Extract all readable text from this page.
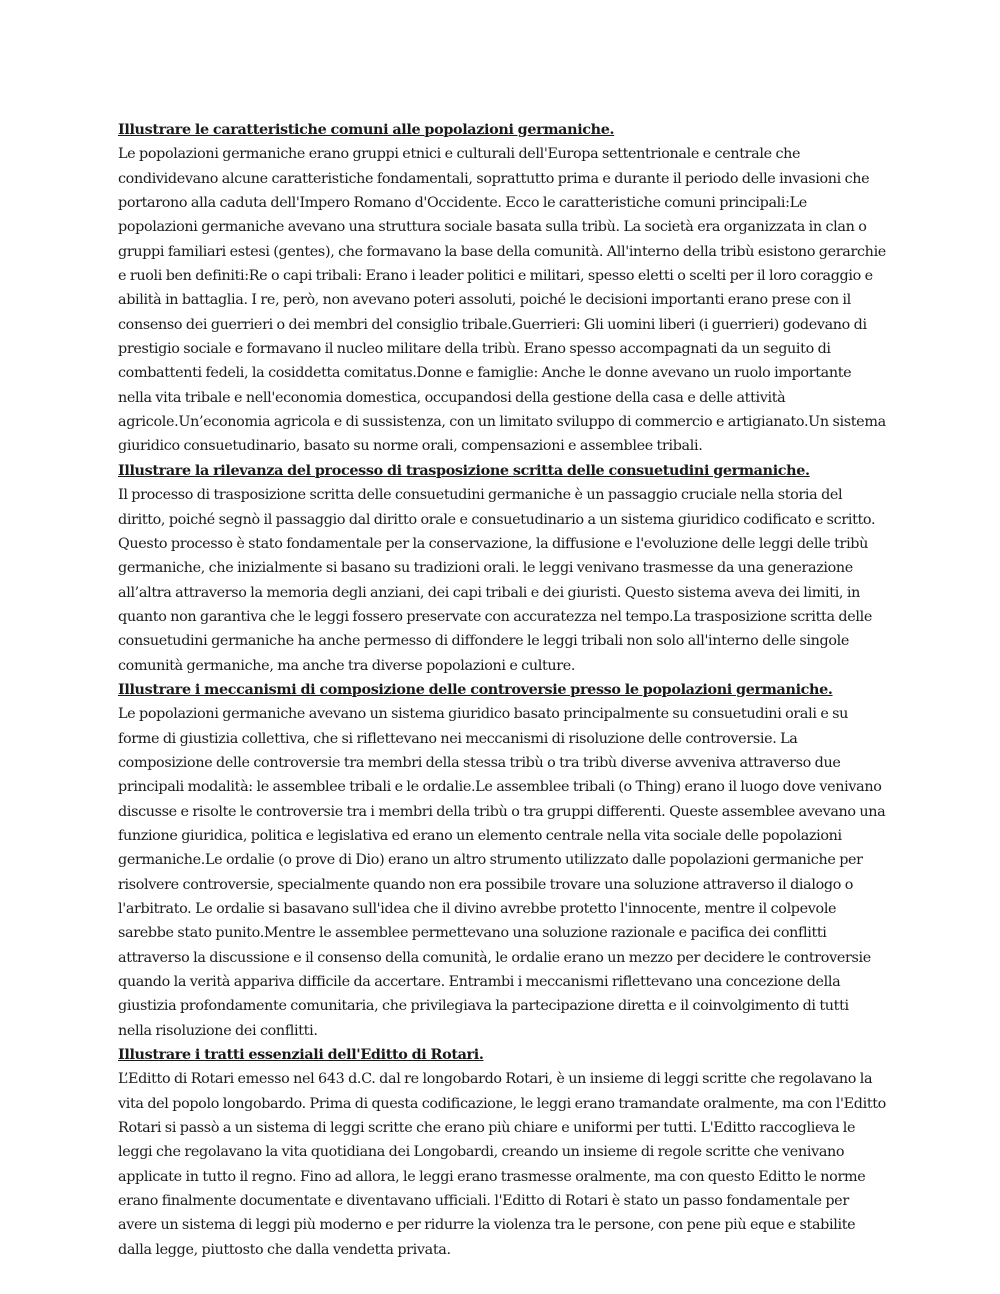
Illustrare le caratteristiche comuni alle popolazioni germaniche.

Le popolazioni germaniche erano gruppi etnici e culturali dell'Europa settentrionale e centrale che condividevano alcune caratteristiche fondamentali, soprattutto prima e durante il periodo delle invasioni che portarono alla caduta dell'Impero Romano d'Occidente. Ecco le caratteristiche comuni principali:Le popolazioni germaniche avevano una struttura sociale basata sulla tribù. La società era organizzata in clan o gruppi familiari estesi (gentes), che formavano la base della comunità. All'interno della tribù esistono gerarchie e ruoli ben definiti:Re o capi tribali: Erano i leader politici e militari, spesso eletti o scelti per il loro coraggio e abilità in battaglia. I re, però, non avevano poteri assoluti, poiché le decisioni importanti erano prese con il consenso dei guerrieri o dei membri del consiglio tribale.Guerrieri: Gli uomini liberi (i guerrieri) godevano di prestigio sociale e formavano il nucleo militare della tribù. Erano spesso accompagnati da un seguito di combattenti fedeli, la cosiddetta comitatus.Donne e famiglie: Anche le donne avevano un ruolo importante nella vita tribale e nell'economia domestica, occupandosi della gestione della casa e delle attività agricole.Un’economia agricola e di sussistenza, con un limitato sviluppo di commercio e artigianato.Un sistema giuridico consuetudinario, basato su norme orali, compensazioni e assemblee tribali.

Illustrare la rilevanza del processo di trasposizione scritta delle consuetudini germaniche.

Il processo di trasposizione scritta delle consuetudini germaniche è un passaggio cruciale nella storia del diritto, poiché segnò il passaggio dal diritto orale e consuetudinario a un sistema giuridico codificato e scritto. Questo processo è stato fondamentale per la conservazione, la diffusione e l'evoluzione delle leggi delle tribù germaniche, che inizialmente si basano su tradizioni orali. le leggi venivano trasmesse da una generazione all’altra attraverso la memoria degli anziani, dei capi tribali e dei giuristi. Questo sistema aveva dei limiti, in quanto non garantiva che le leggi fossero preservate con accuratezza nel tempo.La trasposizione scritta delle consuetudini germaniche ha anche permesso di diffondere le leggi tribali non solo all'interno delle singole comunità germaniche, ma anche tra diverse popolazioni e culture.

Illustrare i meccanismi di composizione delle controversie presso le popolazioni germaniche.

Le popolazioni germaniche avevano un sistema giuridico basato principalmente su consuetudini orali e su forme di giustizia collettiva, che si riflettevano nei meccanismi di risoluzione delle controversie. La composizione delle controversie tra membri della stessa tribù o tra tribù diverse avveniva attraverso due principali modalità: le assemblee tribali e le ordalie.Le assemblee tribali (o Thing) erano il luogo dove venivano discusse e risolte le controversie tra i membri della tribù o tra gruppi differenti. Queste assemblee avevano una funzione giuridica, politica e legislativa ed erano un elemento centrale nella vita sociale delle popolazioni germaniche.Le ordalie (o prove di Dio) erano un altro strumento utilizzato dalle popolazioni germaniche per risolvere controversie, specialmente quando non era possibile trovare una soluzione attraverso il dialogo o l'arbitrato. Le ordalie si basavano sull'idea che il divino avrebbe protetto l'innocente, mentre il colpevole sarebbe stato punito.Mentre le assemblee permettevano una soluzione razionale e pacifica dei conflitti attraverso la discussione e il consenso della comunità, le ordalie erano un mezzo per decidere le controversie quando la verità appariva difficile da accertare. Entrambi i meccanismi riflettevano una concezione della giustizia profondamente comunitaria, che privilegiava la partecipazione diretta e il coinvolgimento di tutti nella risoluzione dei conflitti.

Illustrare i tratti essenziali dell'Editto di Rotari.

L’Editto di Rotari emesso nel 643 d.C. dal re longobardo Rotari, è un insieme di leggi scritte che regolavano la vita del popolo longobardo. Prima di questa codificazione, le leggi erano tramandate oralmente, ma con l'Editto Rotari si passò a un sistema di leggi scritte che erano più chiare e uniformi per tutti. L'Editto raccoglieva le leggi che regolavano la vita quotidiana dei Longobardi, creando un insieme di regole scritte che venivano applicate in tutto il regno. Fino ad allora, le leggi erano trasmesse oralmente, ma con questo Editto le norme erano finalmente documentate e diventavano ufficiali. l'Editto di Rotari è stato un passo fondamentale per avere un sistema di leggi più moderno e per ridurre la violenza tra le persone, con pene più eque e stabilite dalla legge, piuttosto che dalla vendetta privata.
